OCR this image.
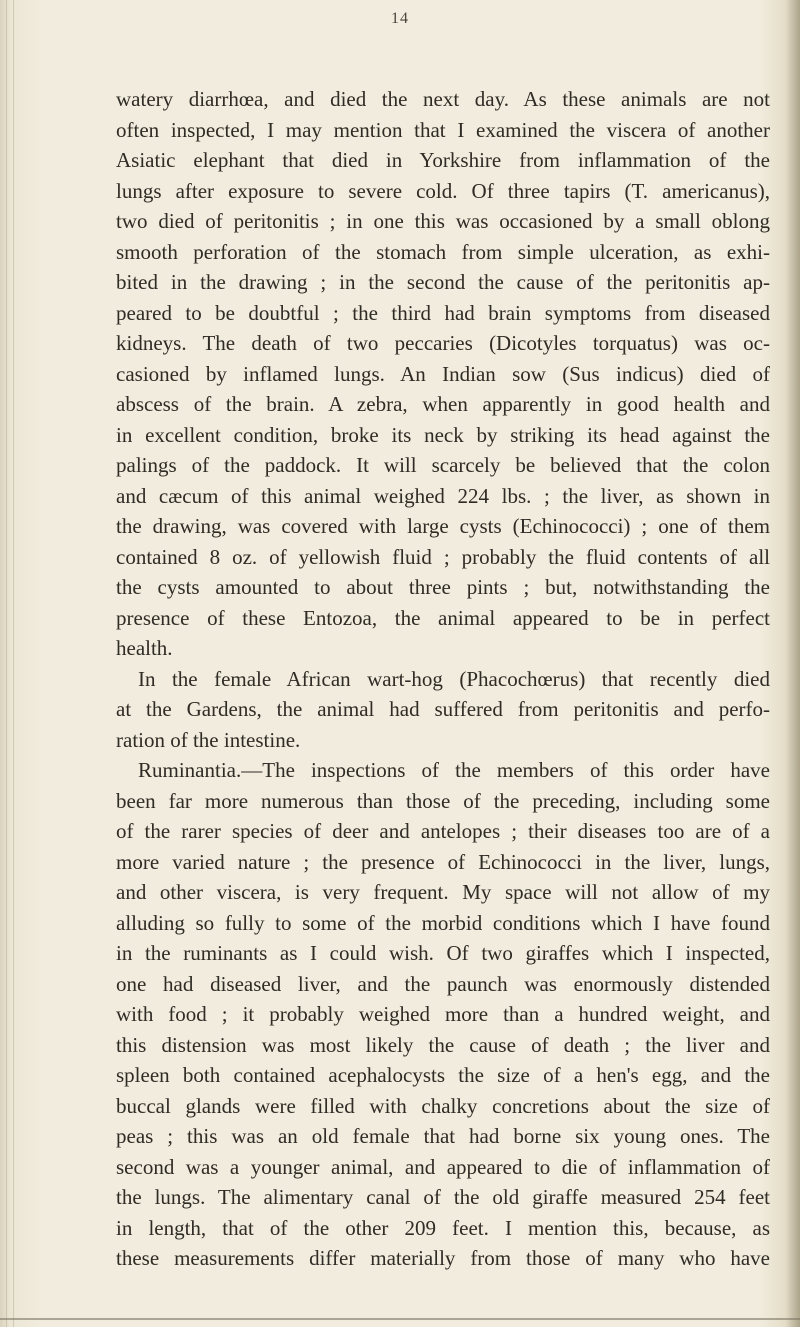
14
watery diarrhœa, and died the next day. As these animals are not
often inspected, I may mention that I examined the viscera of another
Asiatic elephant that died in Yorkshire from inflammation of the
lungs after exposure to severe cold. Of three tapirs (T. americanus),
two died of peritonitis ; in one this was occasioned by a small oblong
smooth perforation of the stomach from simple ulceration, as exhi-
bited in the drawing ; in the second the cause of the peritonitis ap-
peared to be doubtful ; the third had brain symptoms from diseased
kidneys. The death of two peccaries (Dicotyles torquatus) was oc-
casioned by inflamed lungs. An Indian sow (Sus indicus) died of
abscess of the brain. A zebra, when apparently in good health and
in excellent condition, broke its neck by striking its head against the
palings of the paddock. It will scarcely be believed that the colon
and cæcum of this animal weighed 224 lbs. ; the liver, as shown in
the drawing, was covered with large cysts (Echinococci) ; one of them
contained 8 oz. of yellowish fluid ; probably the fluid contents of all
the cysts amounted to about three pints ; but, notwithstanding the
presence of these Entozoa, the animal appeared to be in perfect
health.
In the female African wart-hog (Phacochœrus) that recently died
at the Gardens, the animal had suffered from peritonitis and perfo-
ration of the intestine.
Ruminantia.—The inspections of the members of this order have
been far more numerous than those of the preceding, including some
of the rarer species of deer and antelopes ; their diseases too are of a
more varied nature ; the presence of Echinococci in the liver, lungs,
and other viscera, is very frequent. My space will not allow of my
alluding so fully to some of the morbid conditions which I have found
in the ruminants as I could wish. Of two giraffes which I inspected,
one had diseased liver, and the paunch was enormously distended
with food ; it probably weighed more than a hundred weight, and
this distension was most likely the cause of death ; the liver and
spleen both contained acephalocysts the size of a hen's egg, and the
buccal glands were filled with chalky concretions about the size of
peas ; this was an old female that had borne six young ones. The
second was a younger animal, and appeared to die of inflammation of
the lungs. The alimentary canal of the old giraffe measured 254 feet
in length, that of the other 209 feet. I mention this, because, as
these measurements differ materially from those of many who have
